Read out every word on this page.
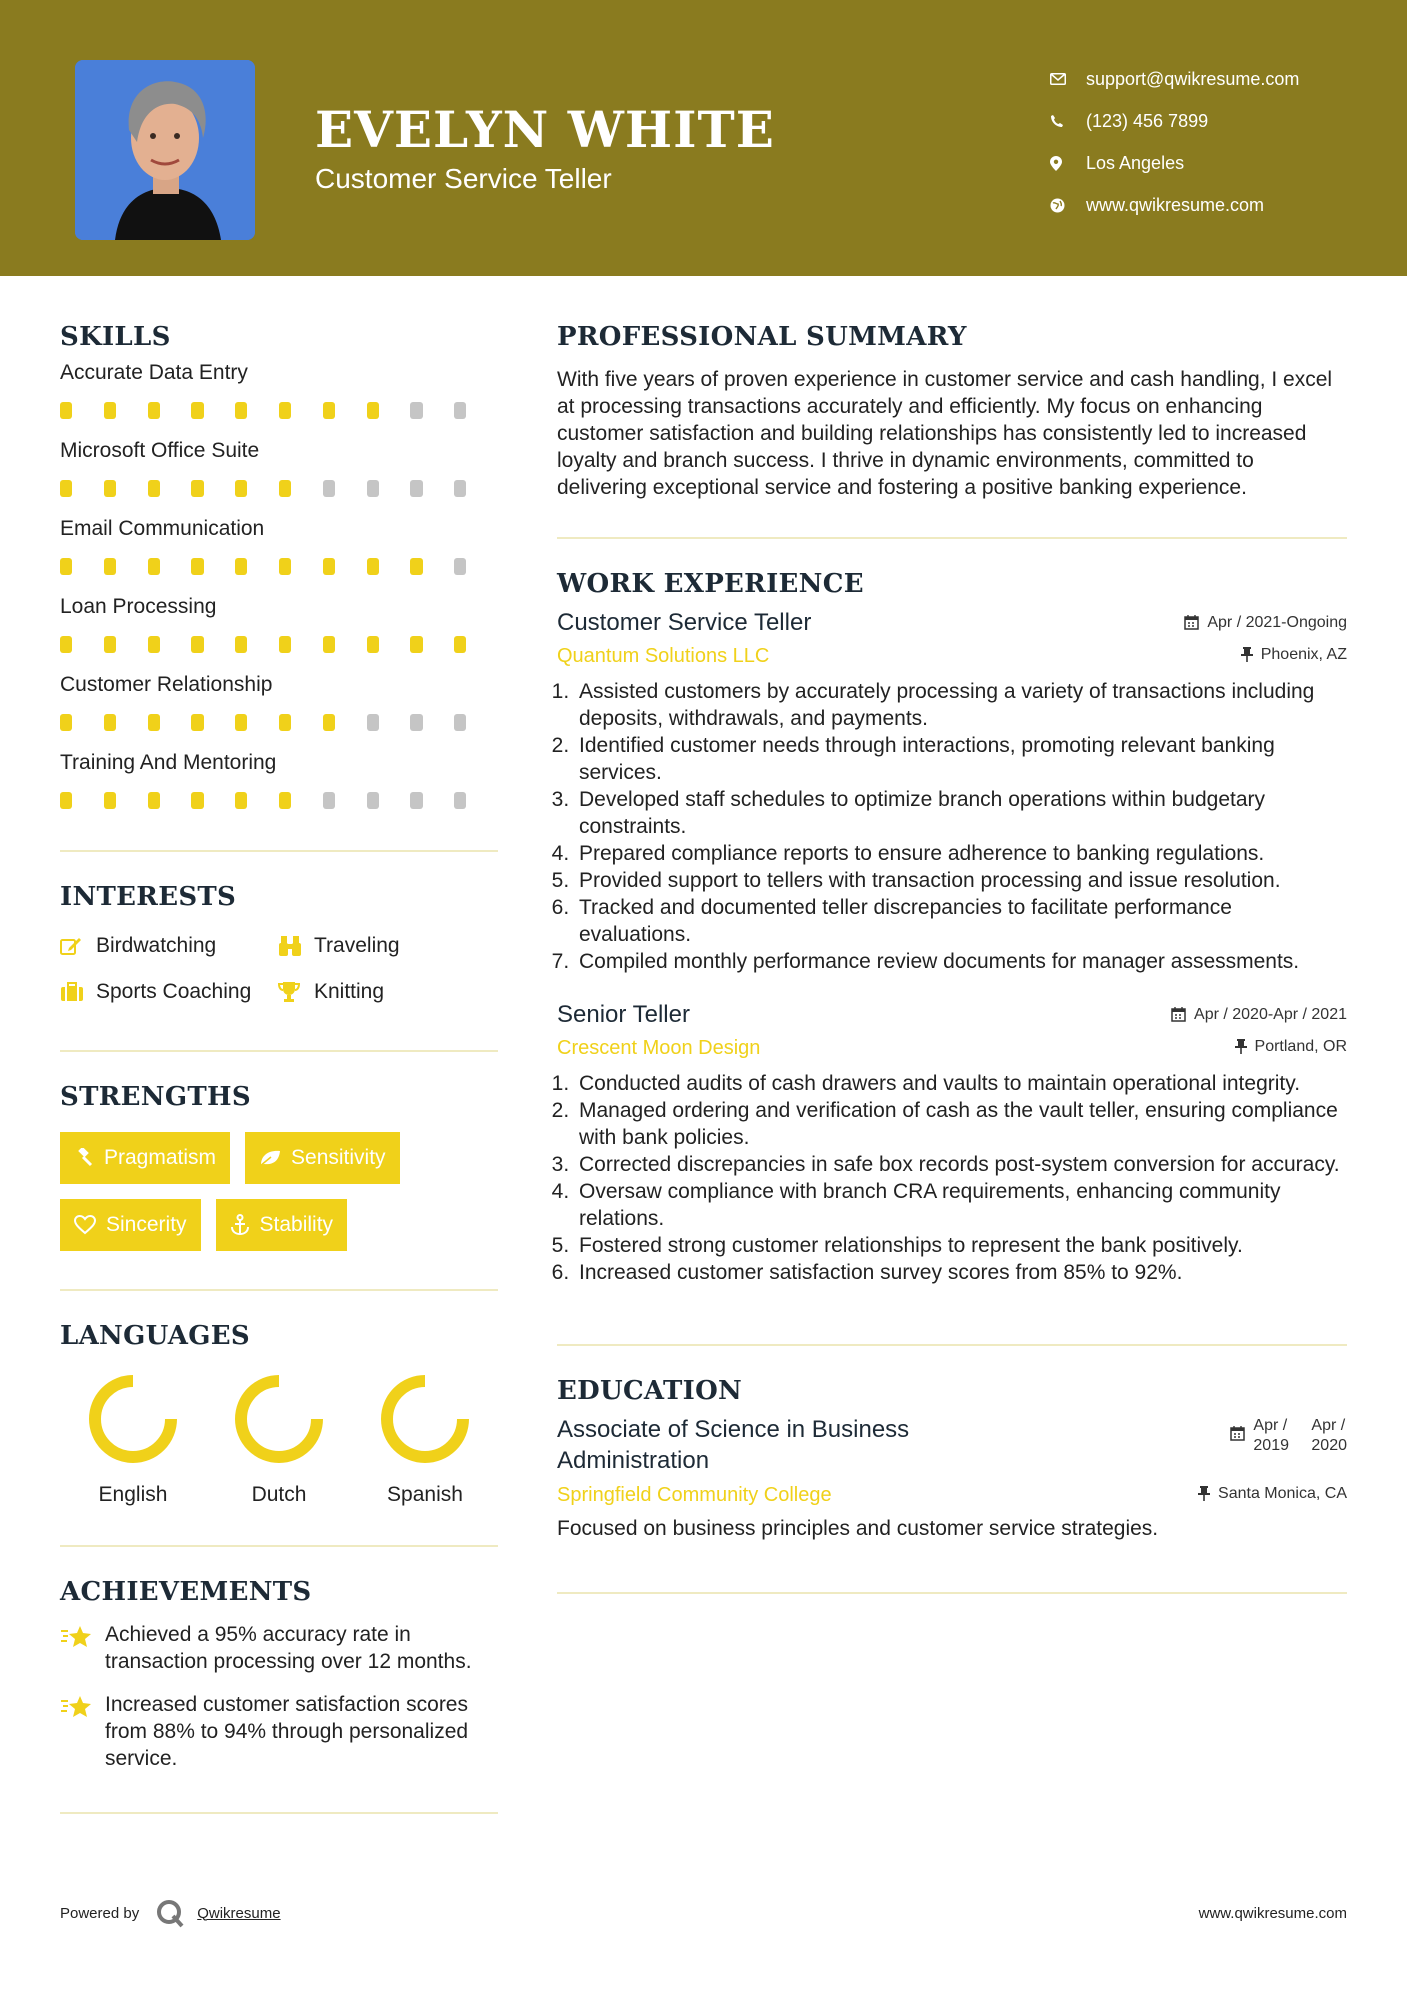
EVELYN WHITE
Customer Service Teller
support@qwikresume.com
(123) 456 7899
Los Angeles
www.qwikresume.com
SKILLS
Accurate Data Entry
Microsoft Office Suite
Email Communication
Loan Processing
Customer Relationship
Training And Mentoring
INTERESTS
Birdwatching	Traveling
Sports Coaching	Knitting
STRENGTHS
Pragmatism	Sensitivity
Sincerity	Stability
LANGUAGES
English	Dutch	Spanish
ACHIEVEMENTS
Achieved a 95% accuracy rate in transaction processing over 12 months.
Increased customer satisfaction scores from 88% to 94% through personalized service.
PROFESSIONAL SUMMARY
With five years of proven experience in customer service and cash handling, I excel at processing transactions accurately and efficiently. My focus on enhancing customer satisfaction and building relationships has consistently led to increased loyalty and branch success. I thrive in dynamic environments, committed to delivering exceptional service and fostering a positive banking experience.
WORK EXPERIENCE
Customer Service Teller	Apr / 2021-Ongoing
Quantum Solutions LLC	Phoenix, AZ
1. Assisted customers by accurately processing a variety of transactions including deposits, withdrawals, and payments.
2. Identified customer needs through interactions, promoting relevant banking services.
3. Developed staff schedules to optimize branch operations within budgetary constraints.
4. Prepared compliance reports to ensure adherence to banking regulations.
5. Provided support to tellers with transaction processing and issue resolution.
6. Tracked and documented teller discrepancies to facilitate performance evaluations.
7. Compiled monthly performance review documents for manager assessments.
Senior Teller	Apr / 2020-Apr / 2021
Crescent Moon Design	Portland, OR
1. Conducted audits of cash drawers and vaults to maintain operational integrity.
2. Managed ordering and verification of cash as the vault teller, ensuring compliance with bank policies.
3. Corrected discrepancies in safe box records post-system conversion for accuracy.
4. Oversaw compliance with branch CRA requirements, enhancing community relations.
5. Fostered strong customer relationships to represent the bank positively.
6. Increased customer satisfaction survey scores from 85% to 92%.
EDUCATION
Associate of Science in Business
Administration
Apr /
2019
Apr /
2020
Springfield Community College	Santa Monica, CA
Focused on business principles and customer service strategies.
Powered by	Qwikresume	www.qwikresume.com
